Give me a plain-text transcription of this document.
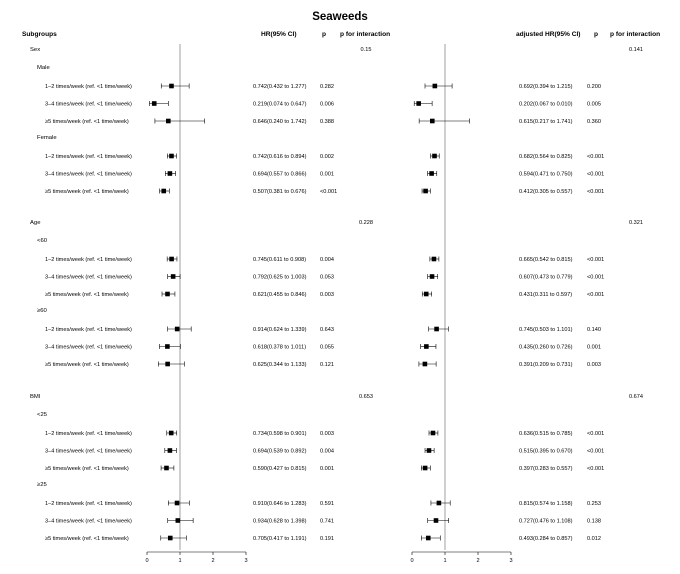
Seaweeds
Subgroups	HR(95% CI)	p p for interaction	adjusted HR(95% CI) p p for interaction
Sex	0.15	0.141
Male
1–2 times/week (ref. <1 time/week)	0.742(0.432 to 1.277) 0.282	0.692(0.394 to 1.215)	0.200
3–4 times/week (ref. <1 time/week)	0.219(0.074 to 0.647) 0.006	0.202(0.067 to 0.010)	0.005
≥5 times/week (ref. <1 time/week)	0.646(0.240 to 1.742) 0.388	0.615(0.217 to 1.741)	0.360
Female
1–2 times/week (ref. <1 time/week)	0.742(0.616 to 0.894) 0.002	0.682(0.564 to 0.825)	<0.001
3–4 times/week (ref. <1 time/week)	0.694(0.557 to 0.866) 0.001	0.594(0.471 to 0.750)	<0.001
≥5 times/week (ref. <1 time/week)	0.507(0.381 to 0.676) <0.001	0.412(0.305 to 0.557)	<0.001
Age	0.228	0.321
<60
1–2 times/week (ref. <1 time/week)	0.745(0.611 to 0.908) 0.004	0.665(0.542 to 0.815)	<0.001
3–4 times/week (ref. <1 time/week)	0.792(0.625 to 1.003) 0.053	0.607(0.473 to 0.779)	<0.001
≥5 times/week (ref. <1 time/week)	0.621(0.455 to 0.846) 0.003	0.431(0.311 to 0.597)	<0.001
≥60
1–2 times/week (ref. <1 time/week)	0.914(0.624 to 1.339) 0.643	0.745(0.503 to 1.101)	0.140
3–4 times/week (ref. <1 time/week)	0.618(0.378 to 1.011) 0.055	0.435(0.260 to 0.726)	0.001
≥5 times/week (ref. <1 time/week)	0.625(0.344 to 1.133) 0.121	0.391(0.209 to 0.731)	0.003
BMI	0.653	0.674
<25
1–2 times/week (ref. <1 time/week)	0.734(0.598 to 0.901) 0.003	0.636(0.515 to 0.785)	<0.001
3–4 times/week (ref. <1 time/week)	0.694(0.539 to 0.892) 0.004	0.515(0.395 to 0.670)	<0.001
≥5 times/week (ref. <1 time/week)	0.590(0.427 to 0.815) 0.001	0.397(0.283 to 0.557)	<0.001
≥25
1–2 times/week (ref. <1 time/week)	0.910(0.646 to 1.283) 0.591	0.815(0.574 to 1.158)	0.253
3–4 times/week (ref. <1 time/week)	0.934(0.628 to 1.398) 0.741	0.727(0.476 to 1.108)	0.138
≥5 times/week (ref. <1 time/week)	0.705(0.417 to 1.191) 0.191	0.493(0.284 to 0.857)	0.012
0	1	2	3	0	1	2	3
